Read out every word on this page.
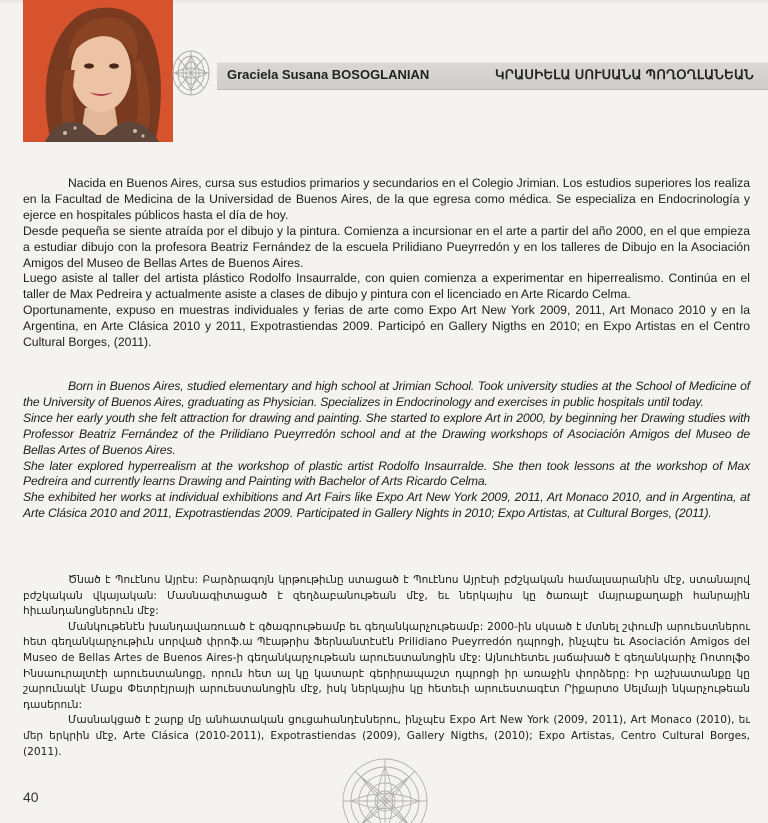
Graciela Susana BOSOGLANIAN	ԿՐԱՍԻԵԼԱ ՍՈՒՍԱՆԱ ՊՈՂՕՂԼԱՆԵԱՆ

Nacida en Buenos Aires, cursa sus estudios primarios y secundarios en el Colegio Jrimian. Los estudios superiores los realiza en la Facultad de Medicina de la Universidad de Buenos Aires, de la que egresa como médica. Se especializa en Endocrinología y ejerce en hospitales públicos hasta el día de hoy.

Desde pequeña se siente atraída por el dibujo y la pintura. Comienza a incursionar en el arte a partir del año 2000, en el que empieza a estudiar dibujo con la profesora Beatriz Fernández de la escuela Prilidiano Pueyrredón y en los talleres de Dibujo en la Asociación Amigos del Museo de Bellas Artes de Buenos Aires.

Luego asiste al taller del artista plástico Rodolfo Insaurralde, con quien comienza a experimentar en hiperrealismo. Continúa en el taller de Max Pedreira y actualmente asiste a clases de dibujo y pintura con el licenciado en Arte Ricardo Celma.

Oportunamente, expuso en muestras individuales y ferias de arte como Expo Art New York 2009, 2011, Art Monaco 2010 y en la Argentina, en Arte Clásica 2010 y 2011, Expotrastiendas 2009. Participó en Gallery Nigths en 2010; en Expo Artistas en el Centro Cultural Borges, (2011).

Born in Buenos Aires, studied elementary and high school at Jrimian School. Took university studies at the School of Medicine of the University of Buenos Aires, graduating as Physician. Specializes in Endocrinology and exercises in public hospitals until today.

Since her early youth she felt attraction for drawing and painting. She started to explore Art in 2000, by beginning her Drawing studies with Professor Beatriz Fernández of the Prilidiano Pueyrredón school and at the Drawing workshops of Asociación Amigos del Museo de Bellas Artes of Buenos Aires.

She later explored hyperrealism at the workshop of plastic artist Rodolfo Insaurralde. She then took lessons at the workshop of Max Pedreira and currently learns Drawing and Painting with Bachelor of Arts Ricardo Celma.

She exhibited her works at individual exhibitions and Art Fairs like Expo Art New York 2009, 2011, Art Monaco 2010, and in Argentina, at Arte Clásica 2010 and 2011, Expotrastiendas 2009. Participated in Gallery Nights in 2010; Expo Artistas, at Cultural Borges, (2011).

Ծնած է Պուէնոս Այրէս: Բարձրագոյն կրթութիւնը ստացած է Պուէնոս Այրէսի բժշկական համալսարանին մէջ, ստանալով բժշկական վկայական: Մասնագիտացած է զեղձաբանութեան մէջ, եւ ներկայիս կը ծառայէ մայրաքաղաքի հանրային հիւանդանոցներուն մէջ:

Մանկութենէն խանդավառուած է գծագրութեամբ եւ գեղանկարչութեամբ: 2000-ին սկսած է մտնել շփումի արուեստներու հետ գեղանկարչութիւն սորված փրոֆ.ա Պէաթրիս Ֆերնանտէսէն Prilidiano Pueyrredón դպրոցի, ինչպէս եւ Asociación Amigos del Museo de Bellas Artes de Buenos Aires-ի գեղանկարչութեան արուեստանոցին մէջ: Այնուհետեւ յաճախած է գեղանկարիչ Ռոտոլֆօ Ինսաուրալտէի արուեստանոցը, որուն հետ ալ կը կատարէ գերիրապաշտ դպրոցի իր առաջին փորձերը: Իր աշխատանքը կը շարունակէ Մաքս Փետրէյրայի արուեստանոցին մէջ, իսկ ներկայիս կը հետեւի արուեստագէտ Րիքարտօ Սելմայի նկարչութեան դասերուն:

Մասնակցած է շարք մը անհատական ցուցահանդէսներու, ինչպէս Expo Art New York (2009, 2011), Art Monaco (2010), եւ մեր երկրին մէջ, Arte Clásica (2010-2011), Expotrastiendas (2009), Gallery Nigths, (2010); Expo Artistas, Centro Cultural Borges, (2011).

40
